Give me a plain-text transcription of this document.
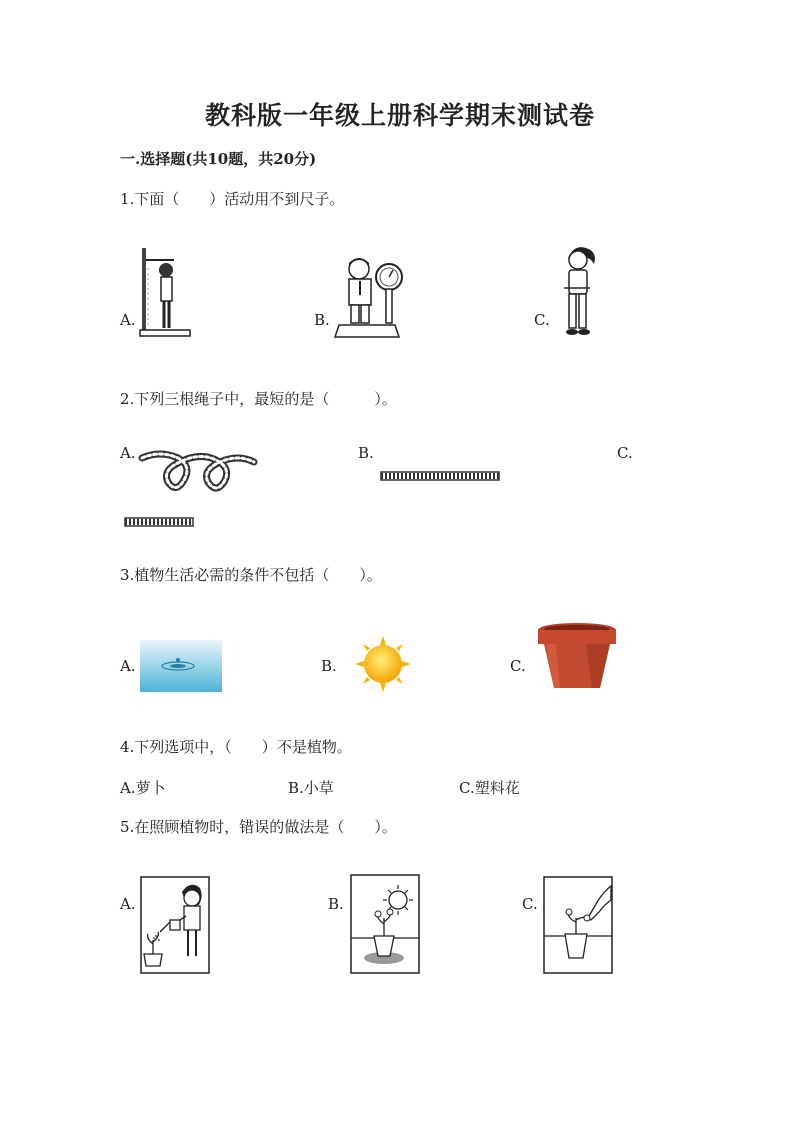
教科版一年级上册科学期末测试卷
一.选择题(共10题，共20分)
1.下面（　　）活动用不到尺子。
A.	B.	C.
2.下列三根绳子中，最短的是（　　　）。
A.	B.	C.
3.植物生活必需的条件不包括（　　）。
A.	B.	C.
4.下列选项中，（　　）不是植物。
A.萝卜	B.小草	C.塑料花
5.在照顾植物时，错误的做法是（　　）。
A.	B.	C.
